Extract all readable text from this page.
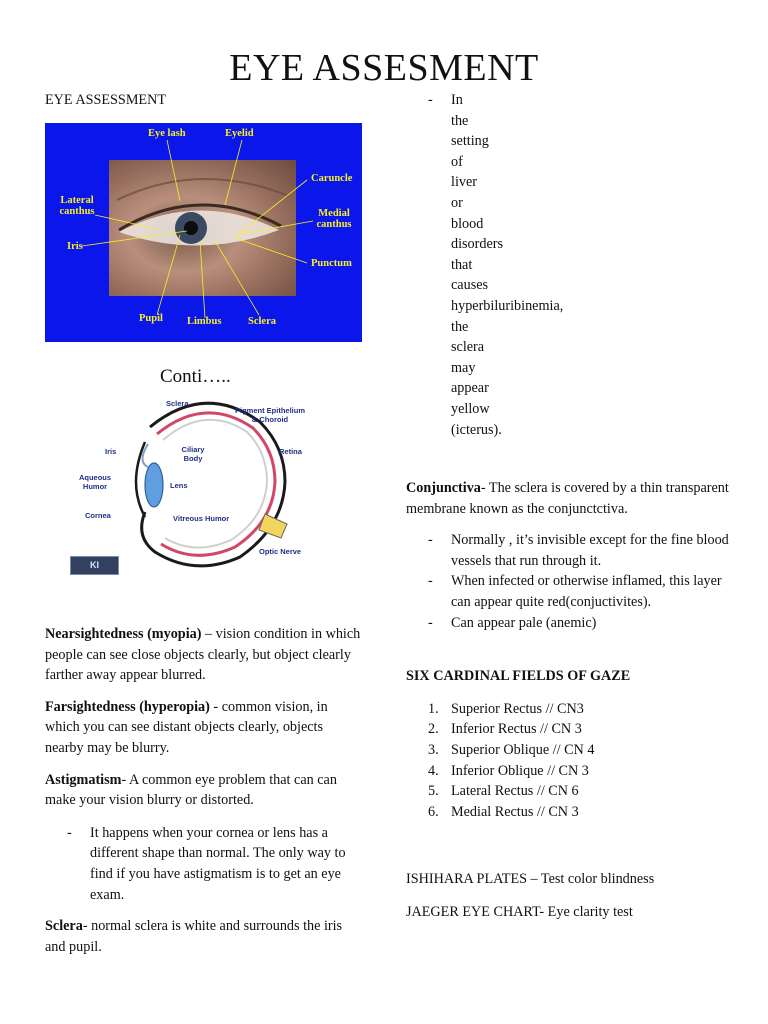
EYE ASSESMENT

EYE ASSESSMENT

Eye lash	Eyelid
Caruncle
Lateral canthus	Medial canthus
Iris
Punctum
Pupil Limbus	Sclera
Conti…..
Sclera
Pigment Epithelium & Choroid
Iris	Ciliary Body
Retina
Aqueous Humor	Lens
Cornea	Vitreous Humor
Optic Nerve
KI

Nearsightedness (myopia) – vision condition in which people can see close objects clearly, but object clearly farther away appear blurred.

Farsightedness (hyperopia) - common vision, in which you can see distant objects clearly, objects nearby may be blurry.

Astigmatism- A common eye problem that can can make your vision blurry or distorted.

- It happens when your cornea or lens has a different shape than normal. The only way to find if you have astigmatism is to get an eye exam.

Sclera- normal sclera is white and surrounds the iris and pupil.

- In the setting of liver or blood disorders that causes hyperbiluribinemia, the sclera may appear yellow (icterus).

Conjunctiva- The sclera is covered by a thin transparent membrane known as the conjunctctiva.

- Normally , it’s invisible except for the fine blood vessels that run through it.
- When infected or otherwise inflamed, this layer can appear quite red(conjuctivites).
- Can appear pale (anemic)

SIX CARDINAL FIELDS OF GAZE

1. Superior Rectus // CN3
2. Inferior Rectus // CN 3
3. Superior Oblique // CN 4
4. Inferior Oblique // CN 3
5. Lateral Rectus // CN 6
6. Medial Rectus // CN 3

ISHIHARA PLATES – Test color blindness

JAEGER EYE CHART- Eye clarity test
